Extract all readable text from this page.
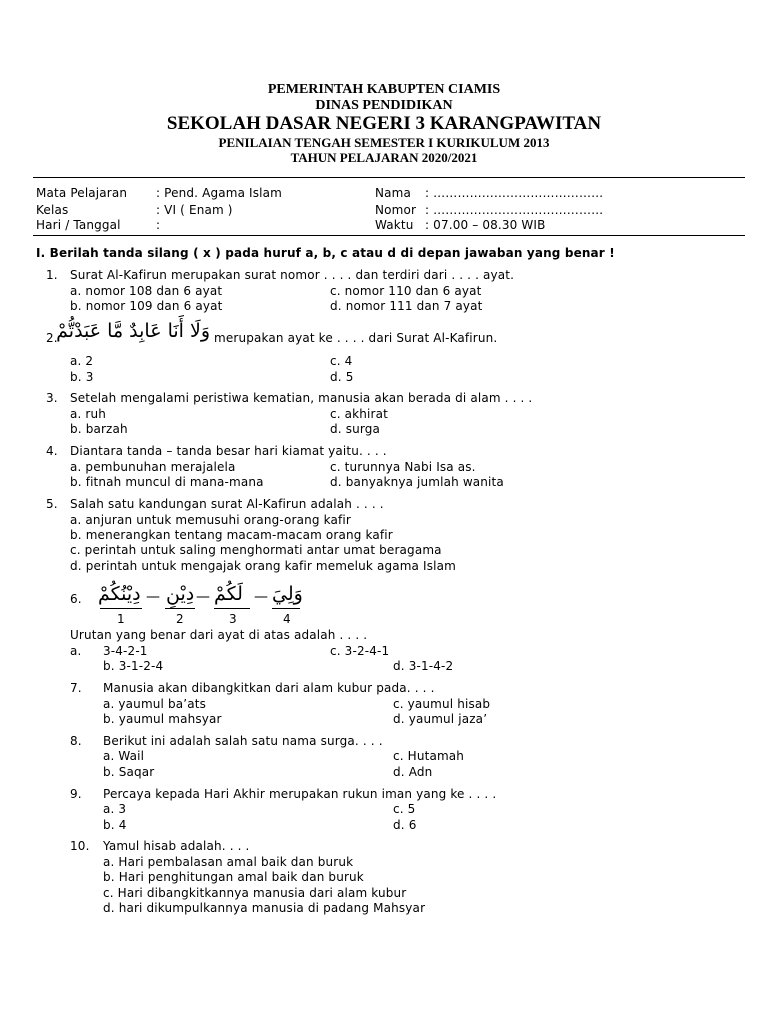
PEMERINTAH KABUPTEN CIAMIS
DINAS PENDIDIKAN
SEKOLAH DASAR NEGERI 3 KARANGPAWITAN
PENILAIAN TENGAH SEMESTER I KURIKULUM 2013
TAHUN PELAJARAN 2020/2021
Mata Pelajaran : Pend. Agama Islam	Nama : ……………………………………
Kelas	: VI ( Enam )	Nomor : ……………………………………
Hari / Tanggal	:	Waktu : 07.00 – 08.30 WIB
I. Berilah tanda silang ( x ) pada huruf a, b, c atau d di depan jawaban yang benar !
1. Surat Al-Kafirun merupakan surat nomor . . . . dan terdiri dari . . . . ayat.
a. nomor 108 dan 6 ayat
b. nomor 109 dan 6 ayat
c. nomor 110 dan 6 ayat
d. nomor 111 dan 7 ayat
2.
وَلَا أَنَا عَابِدٌ مَّا عَبَدْتُّمْ merupakan ayat ke . . . . dari Surat Al-Kafirun.
a. 2
b. 3
c. 4
d. 5
3. Setelah mengalami peristiwa kematian, manusia akan berada di alam . . . .
a. ruh
b. barzah
c. akhirat
d. surga
4. Diantara tanda – tanda besar hari kiamat yaitu. . . .
a. pembunuhan merajalela
b. fitnah muncul di mana-mana
c. turunnya Nabi Isa as.
d. banyaknya jumlah wanita
5. Salah satu kandungan surat Al-Kafirun adalah . . . .
a. anjuran untuk memusuhi orang-orang kafir
b. menerangkan tentang macam-macam orang kafir
c. perintah untuk saling menghormati antar umat beragama
d. perintah untuk mengajak orang kafir memeluk agama Islam
6. دِيْنُكُمْ — دِيْنِ — لَكُمْ — وَلِيَ
1	2	3	4
Urutan yang benar dari ayat di atas adalah . . . .
a. 3-4-2-1
b. 3-1-2-4
c. 3-2-4-1
d. 3-1-4-2
7. Manusia akan dibangkitkan dari alam kubur pada. . . .
a. yaumul ba’ats
b. yaumul mahsyar
c. yaumul hisab
d. yaumul jaza’
8. Berikut ini adalah salah satu nama surga. . . .
a. Wail
b. Saqar
c. Hutamah
d. Adn
9. Percaya kepada Hari Akhir merupakan rukun iman yang ke . . . .
a. 3
b. 4
c. 5
d. 6
10. Yamul hisab adalah. . . .
a. Hari pembalasan amal baik dan buruk
b. Hari penghitungan amal baik dan buruk
c. Hari dibangkitkannya manusia dari alam kubur
d. hari dikumpulkannya manusia di padang Mahsyar
